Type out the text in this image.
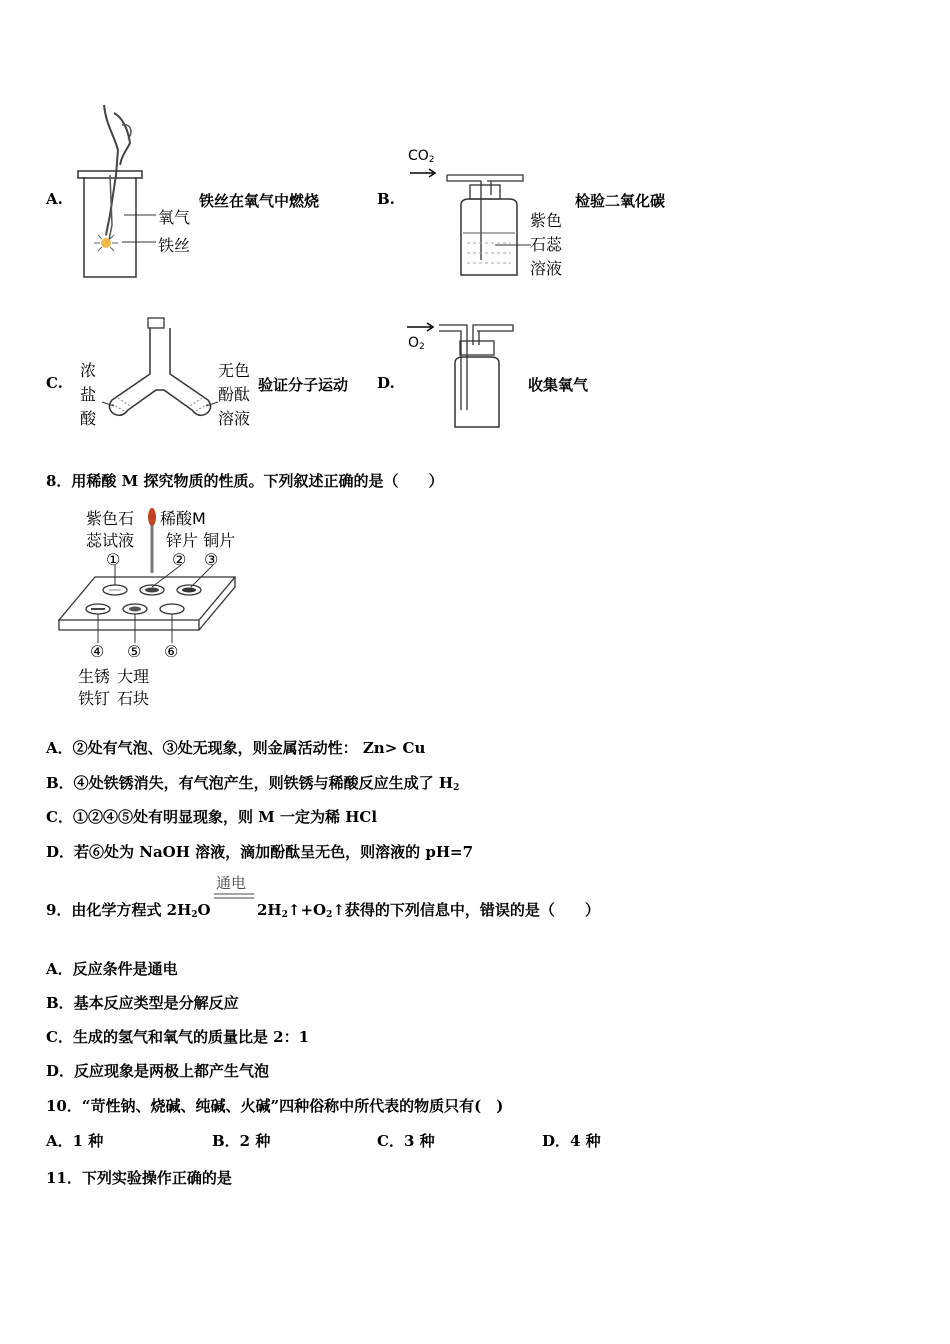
A.
氧气
铁丝
铁丝在氧气中燃烧	B.
$CO_2$
紫色
石蕊
溶液
检验二氧化碳
C.
浓
盐
酸
无色
酚酞
溶液
验证分子运动 D.
$O_2$
收集氧气
8．用稀酸 M 探究物质的性质。下列叙述正确的是（　　）
紫色石
蕊试液
稀酸M
锌片 铜片
①	② ③
④ ⑤ ⑥
生锈
铁钉
大理
石块
A．②处有气泡、③处无现象，则金属活动性： Zn> Cu
B．④处铁锈消失，有气泡产生，则铁锈与稀酸反应生成了 $H_2$
C．①②④⑤处有明显现象，则 M 一定为稀 HCl
D．若⑥处为 NaOH 溶液，滴加酚酞呈无色，则溶液的 pH=7
9．由化学方程式 $2H_2O$
通电
$2H_2↑+O_2↑$获得的下列信息中，错误的是（　　）
A．反应条件是通电
B．基本反应类型是分解反应
C．生成的氢气和氧气的质量比是 2：1
D．反应现象是两极上都产生气泡
10．“苛性钠、烧碱、纯碱、火碱”四种俗称中所代表的物质只有(　)
A．1 种	B．2 种	C．3 种	D．4 种
11．下列实验操作正确的是
